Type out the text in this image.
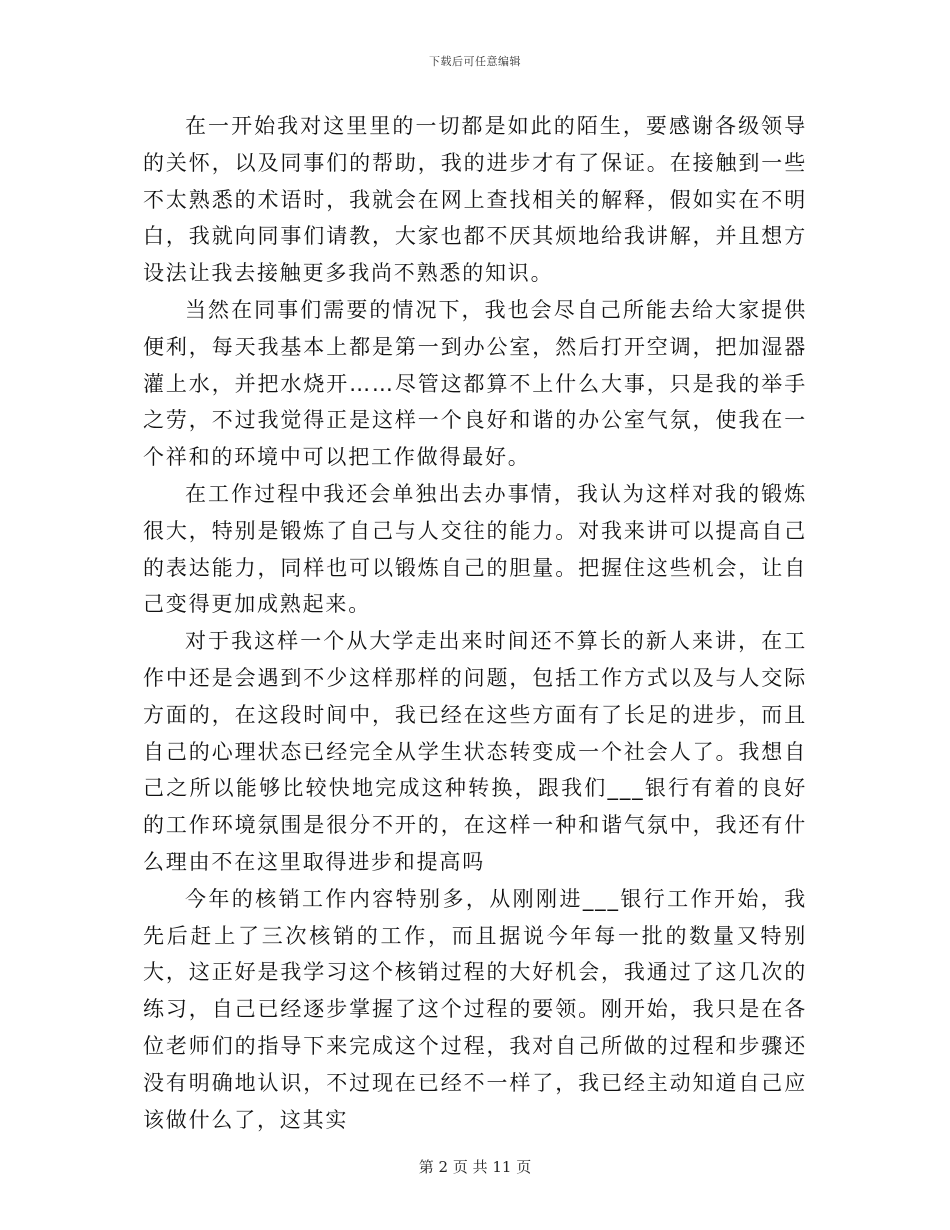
下载后可任意编辑

在一开始我对这里里的一切都是如此的陌生，要感谢各级领导的关怀，以及同事们的帮助，我的进步才有了保证。在接触到一些不太熟悉的术语时，我就会在网上查找相关的解释，假如实在不明白，我就向同事们请教，大家也都不厌其烦地给我讲解，并且想方设法让我去接触更多我尚不熟悉的知识。

当然在同事们需要的情况下，我也会尽自己所能去给大家提供便利，每天我基本上都是第一到办公室，然后打开空调，把加湿器灌上水，并把水烧开……尽管这都算不上什么大事，只是我的举手之劳，不过我觉得正是这样一个良好和谐的办公室气氛，使我在一个祥和的环境中可以把工作做得最好。

在工作过程中我还会单独出去办事情，我认为这样对我的锻炼很大，特别是锻炼了自己与人交往的能力。对我来讲可以提高自己的表达能力，同样也可以锻炼自己的胆量。把握住这些机会，让自己变得更加成熟起来。

对于我这样一个从大学走出来时间还不算长的新人来讲，在工作中还是会遇到不少这样那样的问题，包括工作方式以及与人交际方面的，在这段时间中，我已经在这些方面有了长足的进步，而且自己的心理状态已经完全从学生状态转变成一个社会人了。我想自己之所以能够比较快地完成这种转换，跟我们___银行有着的良好的工作环境氛围是很分不开的，在这样一种和谐气氛中，我还有什么理由不在这里取得进步和提高吗

今年的核销工作内容特别多，从刚刚进___银行工作开始，我先后赶上了三次核销的工作，而且据说今年每一批的数量又特别大，这正好是我学习这个核销过程的大好机会，我通过了这几次的练习，自己已经逐步掌握了这个过程的要领。刚开始，我只是在各位老师们的指导下来完成这个过程，我对自己所做的过程和步骤还没有明确地认识，不过现在已经不一样了，我已经主动知道自己应该做什么了，这其实

第 2 页 共 11 页
